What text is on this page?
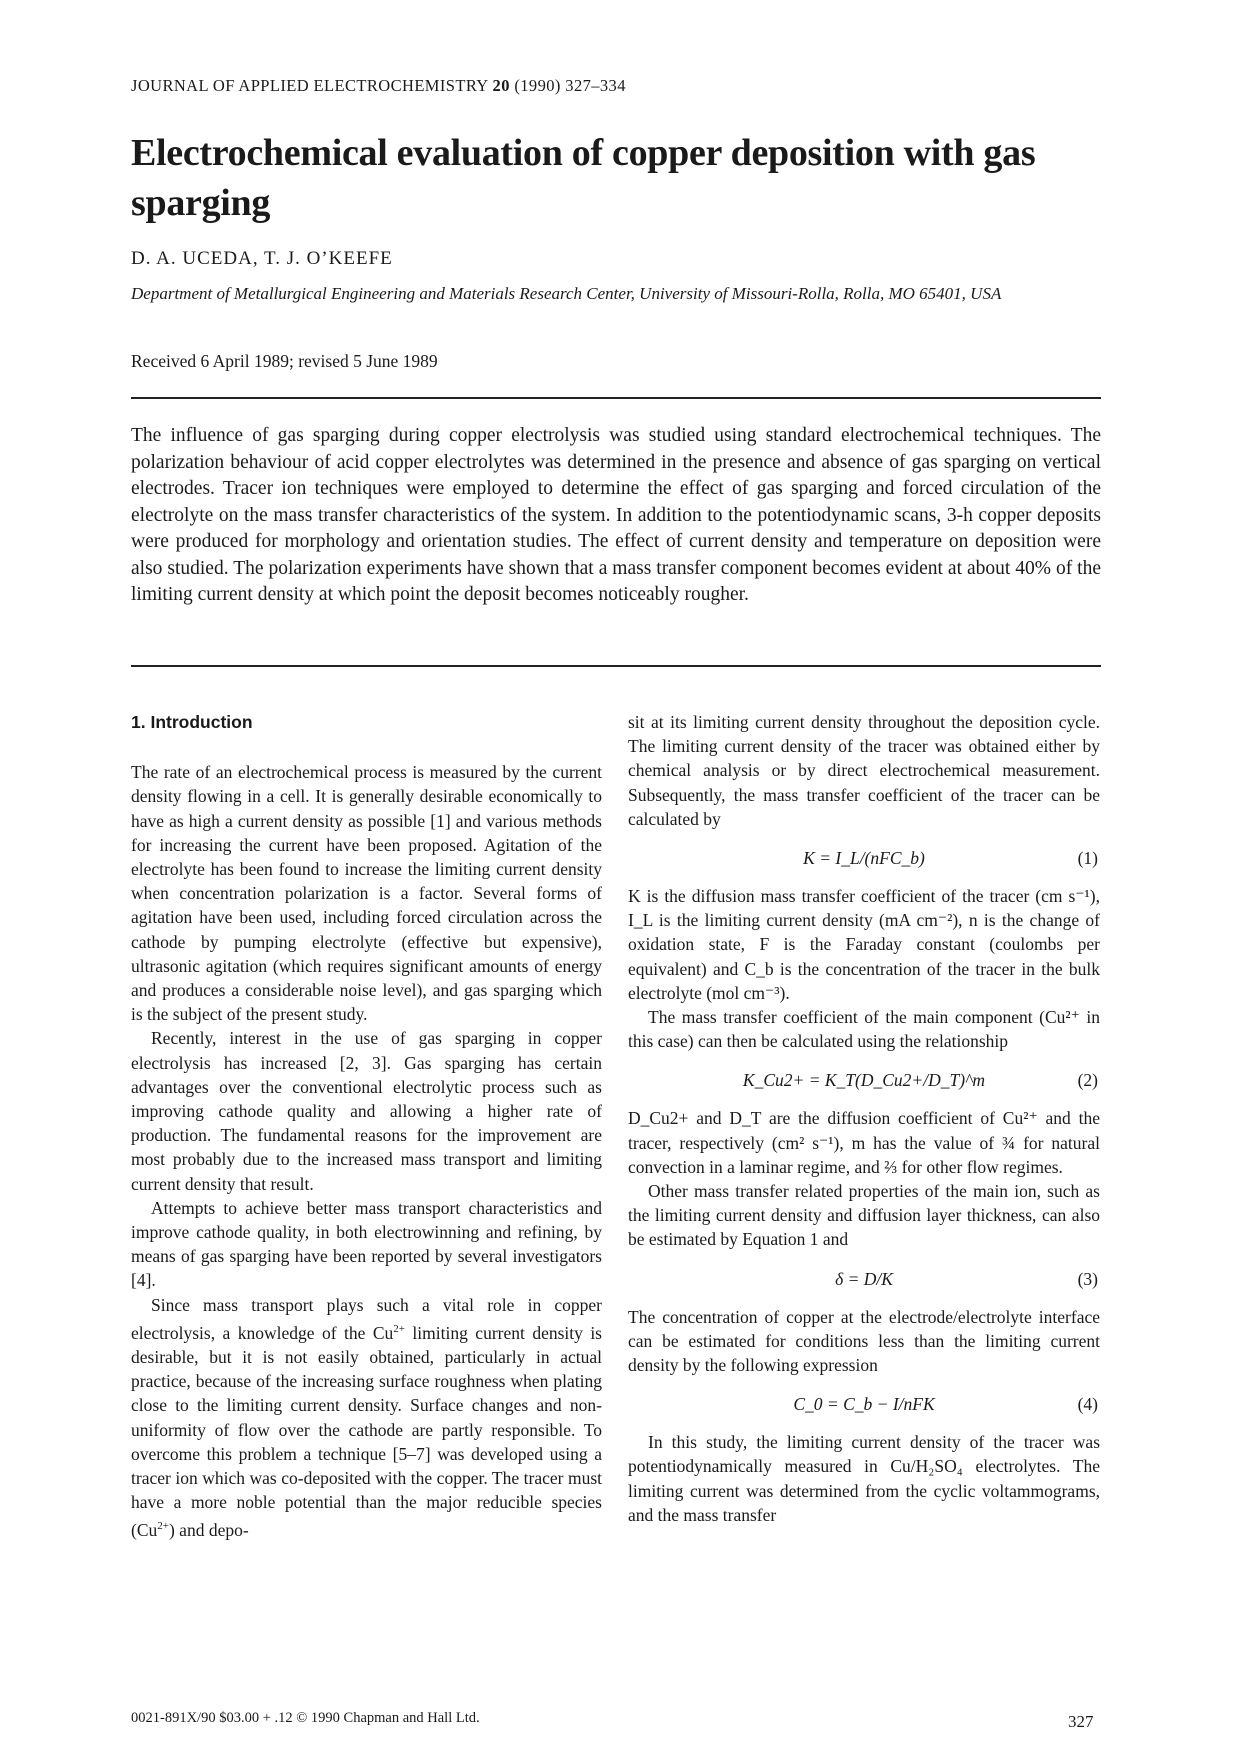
JOURNAL OF APPLIED ELECTROCHEMISTRY 20 (1990) 327–334
Electrochemical evaluation of copper deposition with gas sparging
D. A. UCEDA, T. J. O’KEEFE
Department of Metallurgical Engineering and Materials Research Center, University of Missouri-Rolla, Rolla, MO 65401, USA
Received 6 April 1989; revised 5 June 1989
The influence of gas sparging during copper electrolysis was studied using standard electrochemical techniques. The polarization behaviour of acid copper electrolytes was determined in the presence and absence of gas sparging on vertical electrodes. Tracer ion techniques were employed to determine the effect of gas sparging and forced circulation of the electrolyte on the mass transfer characteristics of the system. In addition to the potentiodynamic scans, 3-h copper deposits were produced for morphology and orientation studies. The effect of current density and temperature on deposition were also studied. The polarization experiments have shown that a mass transfer component becomes evident at about 40% of the limiting current density at which point the deposit becomes noticeably rougher.
1. Introduction

The rate of an electrochemical process is measured by the current density flowing in a cell. It is generally desirable economically to have as high a current density as possible [1] and various methods for increasing the current have been proposed. Agitation of the electrolyte has been found to increase the limiting current density when concentration polarization is a factor. Several forms of agitation have been used, including forced circulation across the cathode by pumping electrolyte (effective but expensive), ultrasonic agitation (which requires significant amounts of energy and produces a considerable noise level), and gas sparging which is the subject of the present study.

Recently, interest in the use of gas sparging in copper electrolysis has increased [2, 3]. Gas sparging has certain advantages over the conventional electrolytic process such as improving cathode quality and allowing a higher rate of production. The fundamental reasons for the improvement are most probably due to the increased mass transport and limiting current density that result.

Attempts to achieve better mass transport characteristics and improve cathode quality, in both electrowinning and refining, by means of gas sparging have been reported by several investigators [4].

Since mass transport plays such a vital role in copper electrolysis, a knowledge of the $Cu^{2+}$ limiting current density is desirable, but it is not easily obtained, particularly in actual practice, because of the increasing surface roughness when plating close to the limiting current density. Surface changes and non-uniformity of flow over the cathode are partly responsible. To overcome this problem a technique [5–7] was developed using a tracer ion which was co-deposited with the copper. The tracer must have a more noble potential than the major reducible species $(Cu^{2+})$ and depo-

sit at its limiting current density throughout the deposition cycle. The limiting current density of the tracer was obtained either by chemical analysis or by direct electrochemical measurement. Subsequently, the mass transfer coefficient of the tracer can be calculated by

K = I_L/(nFC_b)	(1)

K is the diffusion mass transfer coefficient of the tracer (cm s⁻¹), I_L is the limiting current density (mA cm⁻²), n is the change of oxidation state, F is the Faraday constant (coulombs per equivalent) and C_b is the concentration of the tracer in the bulk electrolyte (mol cm⁻³).

The mass transfer coefficient of the main component (Cu²⁺ in this case) can then be calculated using the relationship

K_Cu2+ = K_T(D_Cu2+/D_T)^m	(2)

D_Cu2+ and D_T are the diffusion coefficient of Cu²⁺ and the tracer, respectively (cm² s⁻¹), m has the value of ¾ for natural convection in a laminar regime, and ⅔ for other flow regimes.

Other mass transfer related properties of the main ion, such as the limiting current density and diffusion layer thickness, can also be estimated by Equation 1 and

δ = D/K	(3)

The concentration of copper at the electrode/electrolyte interface can be estimated for conditions less than the limiting current density by the following expression

C_0 = C_b − I/nFK	(4)

In this study, the limiting current density of the tracer was potentiodynamically measured in Cu/H₂SO₄ electrolytes. The limiting current was determined from the cyclic voltammograms, and the mass transfer

0021-891X/90 $03.00 + .12 © 1990 Chapman and Hall Ltd.	327
